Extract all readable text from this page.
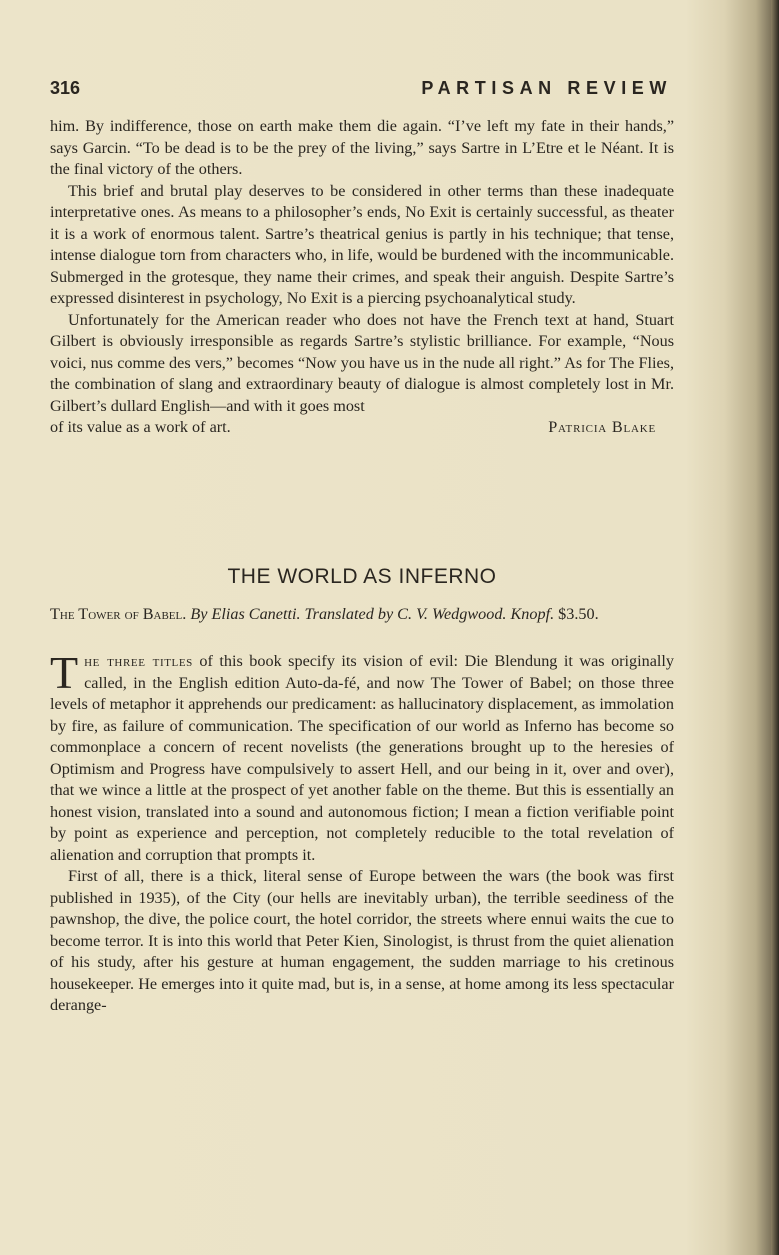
316	PARTISAN REVIEW

him. By indifference, those on earth make them die again. “I’ve left my fate in their hands,” says Garcin. “To be dead is to be the prey of the living,” says Sartre in L’Etre et le Néant. It is the final victory of the others.

This brief and brutal play deserves to be considered in other terms than these inadequate interpretative ones. As means to a philosopher’s ends, No Exit is certainly successful, as theater it is a work of enormous talent. Sartre’s theatrical genius is partly in his technique; that tense, intense dialogue torn from characters who, in life, would be burdened with the incommunicable. Submerged in the grotesque, they name their crimes, and speak their anguish. Despite Sartre’s expressed disinterest in psychology, No Exit is a piercing psychoanalytical study.

Unfortunately for the American reader who does not have the French text at hand, Stuart Gilbert is obviously irresponsible as regards Sartre’s stylistic brilliance. For example, “Nous voici, nus comme des vers,” becomes “Now you have us in the nude all right.” As for The Flies, the combination of slang and extraordinary beauty of dialogue is almost completely lost in Mr. Gilbert’s dullard English—and with it goes most

of its value as a work of art.	Patricia Blake
THE WORLD AS INFERNO
The Tower of Babel. By Elias Canetti. Translated by C. V. Wedgwood. Knopf. $3.50.

The three titles of this book specify its vision of evil: Die Blendung it was originally called, in the English edition Auto-da-fé, and now The Tower of Babel; on those three levels of metaphor it apprehends our predicament: as hallucinatory displacement, as immolation by fire, as failure of communication. The specification of our world as Inferno has become so commonplace a concern of recent novelists (the generations brought up to the heresies of Optimism and Progress have compulsively to assert Hell, and our being in it, over and over), that we wince a little at the prospect of yet another fable on the theme. But this is essentially an honest vision, translated into a sound and autonomous fiction; I mean a fiction verifiable point by point as experience and perception, not completely reducible to the total revelation of alienation and corruption that prompts it.

First of all, there is a thick, literal sense of Europe between the wars (the book was first published in 1935), of the City (our hells are inevitably urban), the terrible seediness of the pawnshop, the dive, the police court, the hotel corridor, the streets where ennui waits the cue to become terror. It is into this world that Peter Kien, Sinologist, is thrust from the quiet alienation of his study, after his gesture at human engagement, the sudden marriage to his cretinous housekeeper. He emerges into it quite mad, but is, in a sense, at home among its less spectacular derange-
